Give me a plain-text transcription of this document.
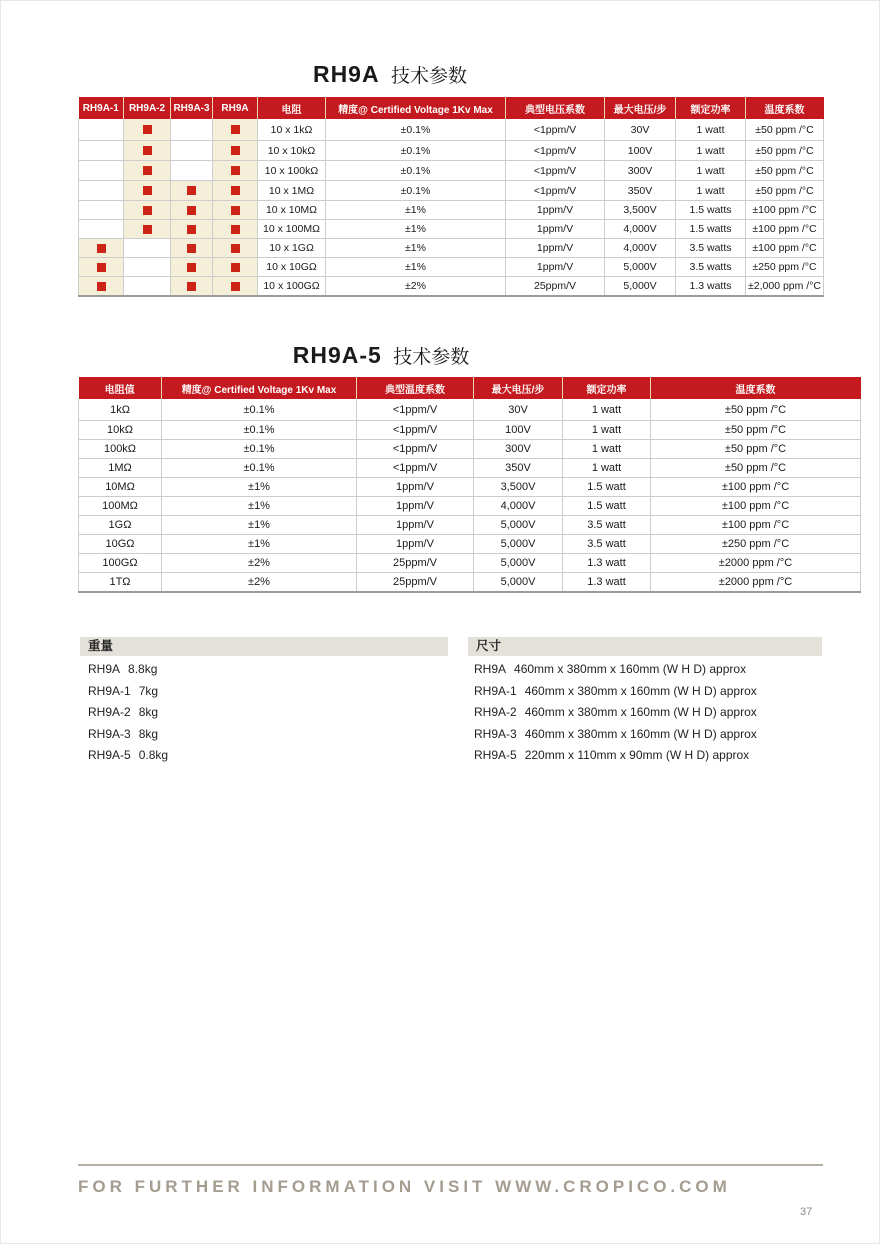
RH9A 技术参数
RH9A-1	RH9A-2	RH9A-3	RH9A	电阻	精度@ Certified Voltage 1Kv Max	典型电压系数	最大电压/步	额定功率	温度系数
				10 x 1kΩ	±0.1%	<1ppm/V	30V	1 watt	±50 ppm /°C
				10 x 10kΩ	±0.1%	<1ppm/V	100V	1 watt	±50 ppm /°C
				10 x 100kΩ	±0.1%	<1ppm/V	300V	1 watt	±50 ppm /°C
				10 x 1MΩ	±0.1%	<1ppm/V	350V	1 watt	±50 ppm /°C
				10 x 10MΩ	±1%	1ppm/V	3,500V	1.5 watts	±100 ppm /°C
				10 x 100MΩ	±1%	1ppm/V	4,000V	1.5 watts	±100 ppm /°C
				10 x 1GΩ	±1%	1ppm/V	4,000V	3.5 watts	±100 ppm /°C
				10 x 10GΩ	±1%	1ppm/V	5,000V	3.5 watts	±250 ppm /°C
				10 x 100GΩ	±2%	25ppm/V	5,000V	1.3 watts	±2,000 ppm /°C
RH9A-5 技术参数
电阻值	精度@ Certified Voltage 1Kv Max	典型温度系数	最大电压/步	额定功率	温度系数
1kΩ	±0.1%	<1ppm/V	30V	1 watt	±50 ppm /°C
10kΩ	±0.1%	<1ppm/V	100V	1 watt	±50 ppm /°C
100kΩ	±0.1%	<1ppm/V	300V	1 watt	±50 ppm /°C
1MΩ	±0.1%	<1ppm/V	350V	1 watt	±50 ppm /°C
10MΩ	±1%	1ppm/V	3,500V	1.5 watt	±100 ppm /°C
100MΩ	±1%	1ppm/V	4,000V	1.5 watt	±100 ppm /°C
1GΩ	±1%	1ppm/V	5,000V	3.5 watt	±100 ppm /°C
10GΩ	±1%	1ppm/V	5,000V	3.5 watt	±250 ppm /°C
100GΩ	±2%	25ppm/V	5,000V	1.3 watt	±2000 ppm /°C
1TΩ	±2%	25ppm/V	5,000V	1.3 watt	±2000 ppm /°C
重量	尺寸
RH9A 8.8kg
RH9A-1 7kg
RH9A-2 8kg
RH9A-3 8kg
RH9A-5 0.8kg
RH9A 460mm x 380mm x 160mm (W H D) approx
RH9A-1 460mm x 380mm x 160mm (W H D) approx
RH9A-2 460mm x 380mm x 160mm (W H D) approx
RH9A-3 460mm x 380mm x 160mm (W H D) approx
RH9A-5 220mm x 110mm x 90mm (W H D) approx
FOR FURTHER INFORMATION VISIT WWW.CROPICO.COM
37
